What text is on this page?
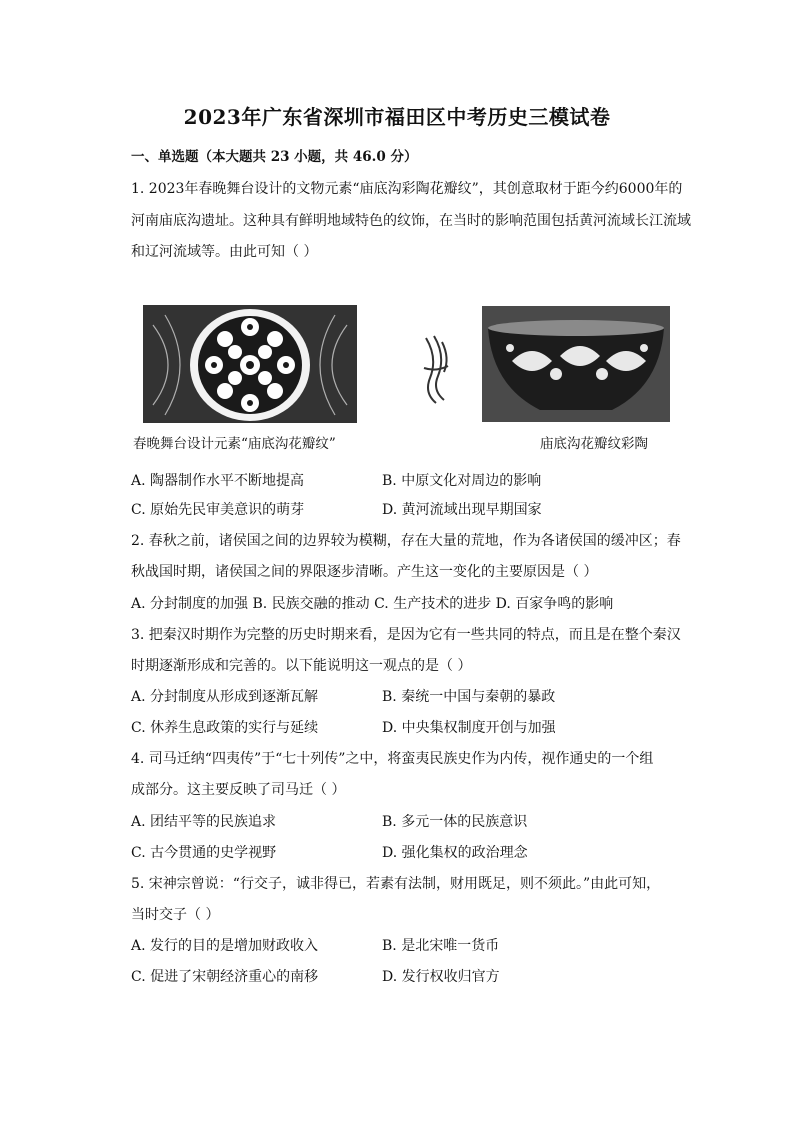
2023年广东省深圳市福田区中考历史三模试卷
一、单选题（本大题共 23 小题，共 46.0 分）
1. 2023年春晚舞台设计的文物元素“庙底沟彩陶花瓣纹”，其创意取材于距今约6000年的
河南庙底沟遗址。这种具有鲜明地域特色的纹饰，在当时的影响范围包括黄河流域长江流域
和辽河流域等。由此可知（ ）
春晚舞台设计元素“庙底沟花瓣纹”	庙底沟花瓣纹彩陶
A. 陶器制作水平不断地提高	B. 中原文化对周边的影响
C. 原始先民审美意识的萌芽	D. 黄河流域出现早期国家
2. 春秋之前，诸侯国之间的边界较为模糊，存在大量的荒地，作为各诸侯国的缓冲区；春
秋战国时期，诸侯国之间的界限逐步清晰。产生这一变化的主要原因是（ ）
A. 分封制度的加强 B. 民族交融的推动 C. 生产技术的进步 D. 百家争鸣的影响
3. 把秦汉时期作为完整的历史时期来看，是因为它有一些共同的特点，而且是在整个秦汉
时期逐渐形成和完善的。以下能说明这一观点的是（ ）
A. 分封制度从形成到逐渐瓦解	B. 秦统一中国与秦朝的暴政
C. 休养生息政策的实行与延续	D. 中央集权制度开创与加强
4. 司马迁纳“四夷传”于“七十列传”之中，将蛮夷民族史作为内传，视作通史的一个组
成部分。这主要反映了司马迁（ ）
A. 团结平等的民族追求	B. 多元一体的民族意识
C. 古今贯通的史学视野	D. 强化集权的政治理念
5. 宋神宗曾说：“行交子，诚非得已，若素有法制，财用既足，则不须此。”由此可知，
当时交子（ ）
A. 发行的目的是增加财政收入	B. 是北宋唯一货币
C. 促进了宋朝经济重心的南移	D. 发行权收归官方
